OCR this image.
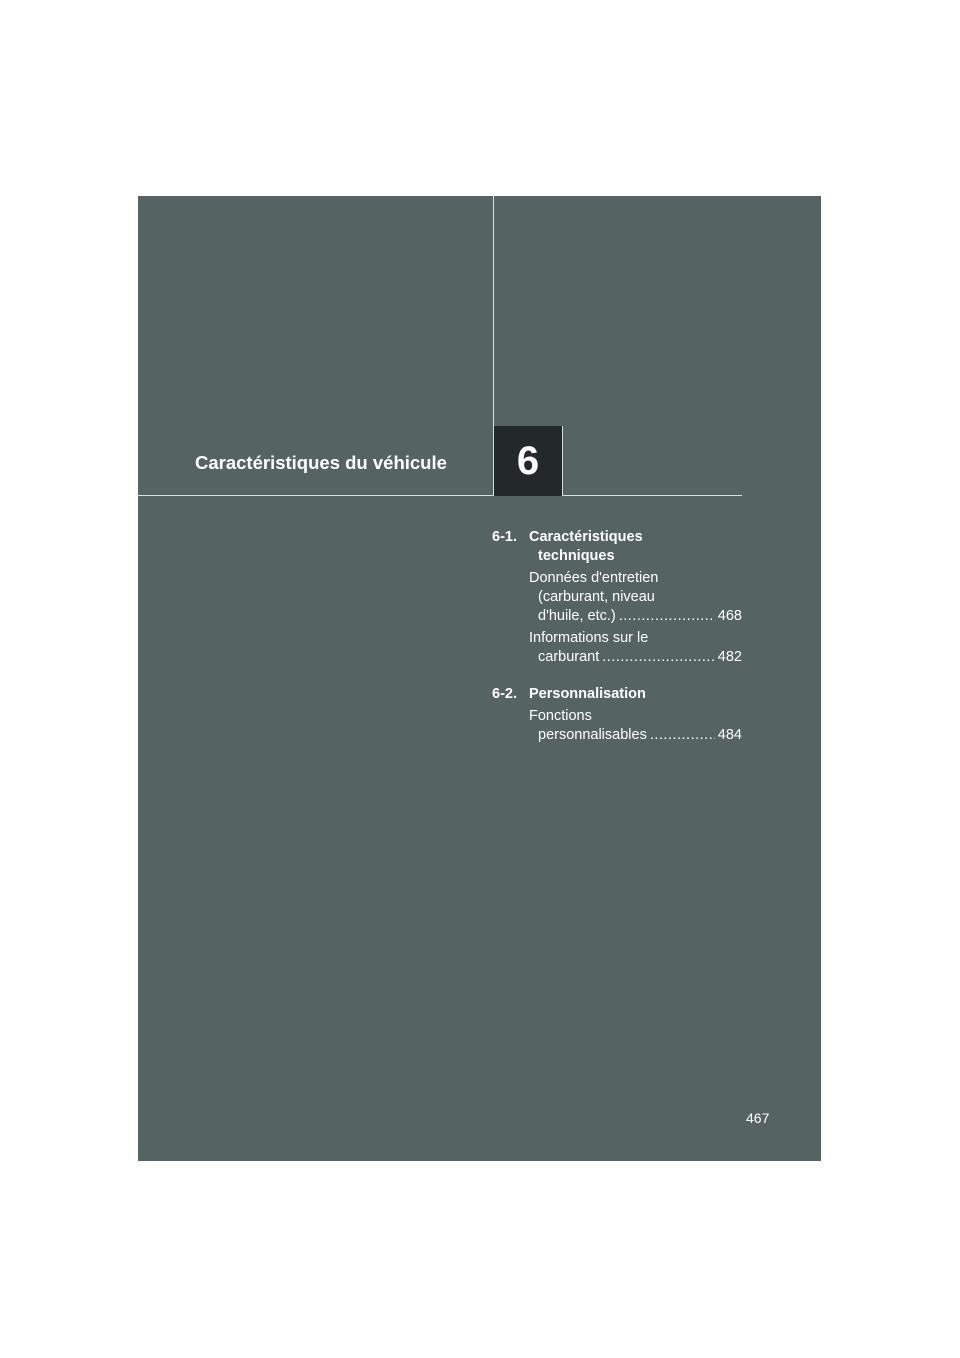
Caractéristiques du véhicule	6
6-1. Caractéristiques
techniques
Données d'entretien
(carburant, niveau
d'huile, etc.) .....	468
Informations sur le
carburant .....	482
6-2. Personnalisation
Fonctions
personnalisables .....	484
467
